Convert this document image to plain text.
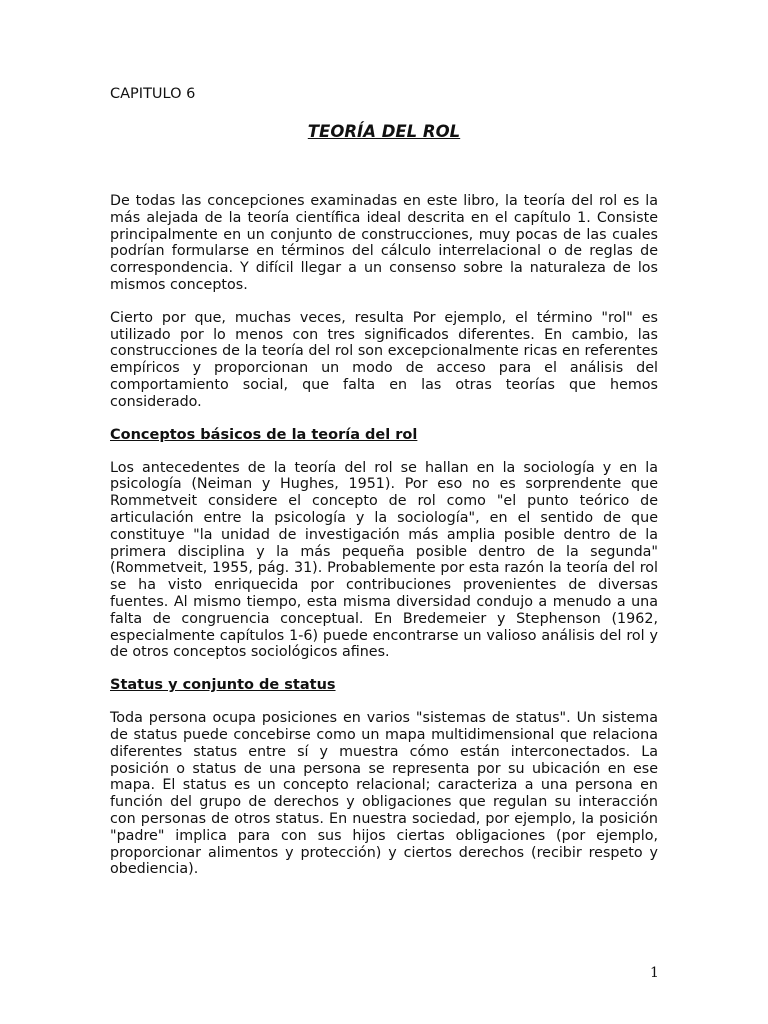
CAPITULO 6

TEORÍA DEL ROL

De todas las concepciones examinadas en este libro, la teoría del rol es la más alejada de la teoría científica ideal descrita en el capítulo 1. Consiste principalmente en un conjunto de construcciones, muy pocas de las cuales podrían formularse en términos del cálculo interrelacional o de reglas de correspondencia. Y difícil llegar a un consenso sobre la naturaleza de los mismos conceptos.

Cierto por que, muchas veces, resulta Por ejemplo, el término "rol" es utilizado por lo menos con tres significados diferentes. En cambio, las construcciones de la teoría del rol son excepcionalmente ricas en referentes empíricos y proporcionan un modo de acceso para el análisis del comportamiento social, que falta en las otras teorías que hemos considerado.

Conceptos básicos de la teoría del rol

Los antecedentes de la teoría del rol se hallan en la sociología y en la psicología (Neiman y Hughes, 1951). Por eso no es sorprendente que Rommetveit considere el concepto de rol como "el punto teórico de articulación entre la psicología y la sociología", en el sentido de que constituye "la unidad de investigación más amplia posible dentro de la primera disciplina y la más pequeña posible dentro de la segunda" (Rommetveit, 1955, pág. 31). Probablemente por esta razón la teoría del rol se ha visto enriquecida por contribuciones provenientes de diversas fuentes. Al mismo tiempo, esta misma diversidad condujo a menudo a una falta de congruencia conceptual. En Bredemeier y Stephenson (1962, especialmente capítulos 1-6) puede encontrarse un valioso análisis del rol y de otros conceptos sociológicos afines.

Status y conjunto de status

Toda persona ocupa posiciones en varios "sistemas de status". Un sistema de status puede concebirse como un mapa multidimensional que relaciona diferentes status entre sí y muestra cómo están interconectados. La posición o status de una persona se representa por su ubicación en ese mapa. El status es un concepto relacional; caracteriza a una persona en función del grupo de derechos y obligaciones que regulan su interacción con personas de otros status. En nuestra sociedad, por ejemplo, la posición "padre" implica para con sus hijos ciertas obligaciones (por ejemplo, proporcionar alimentos y protección) y ciertos derechos (recibir respeto y obediencia).

1
